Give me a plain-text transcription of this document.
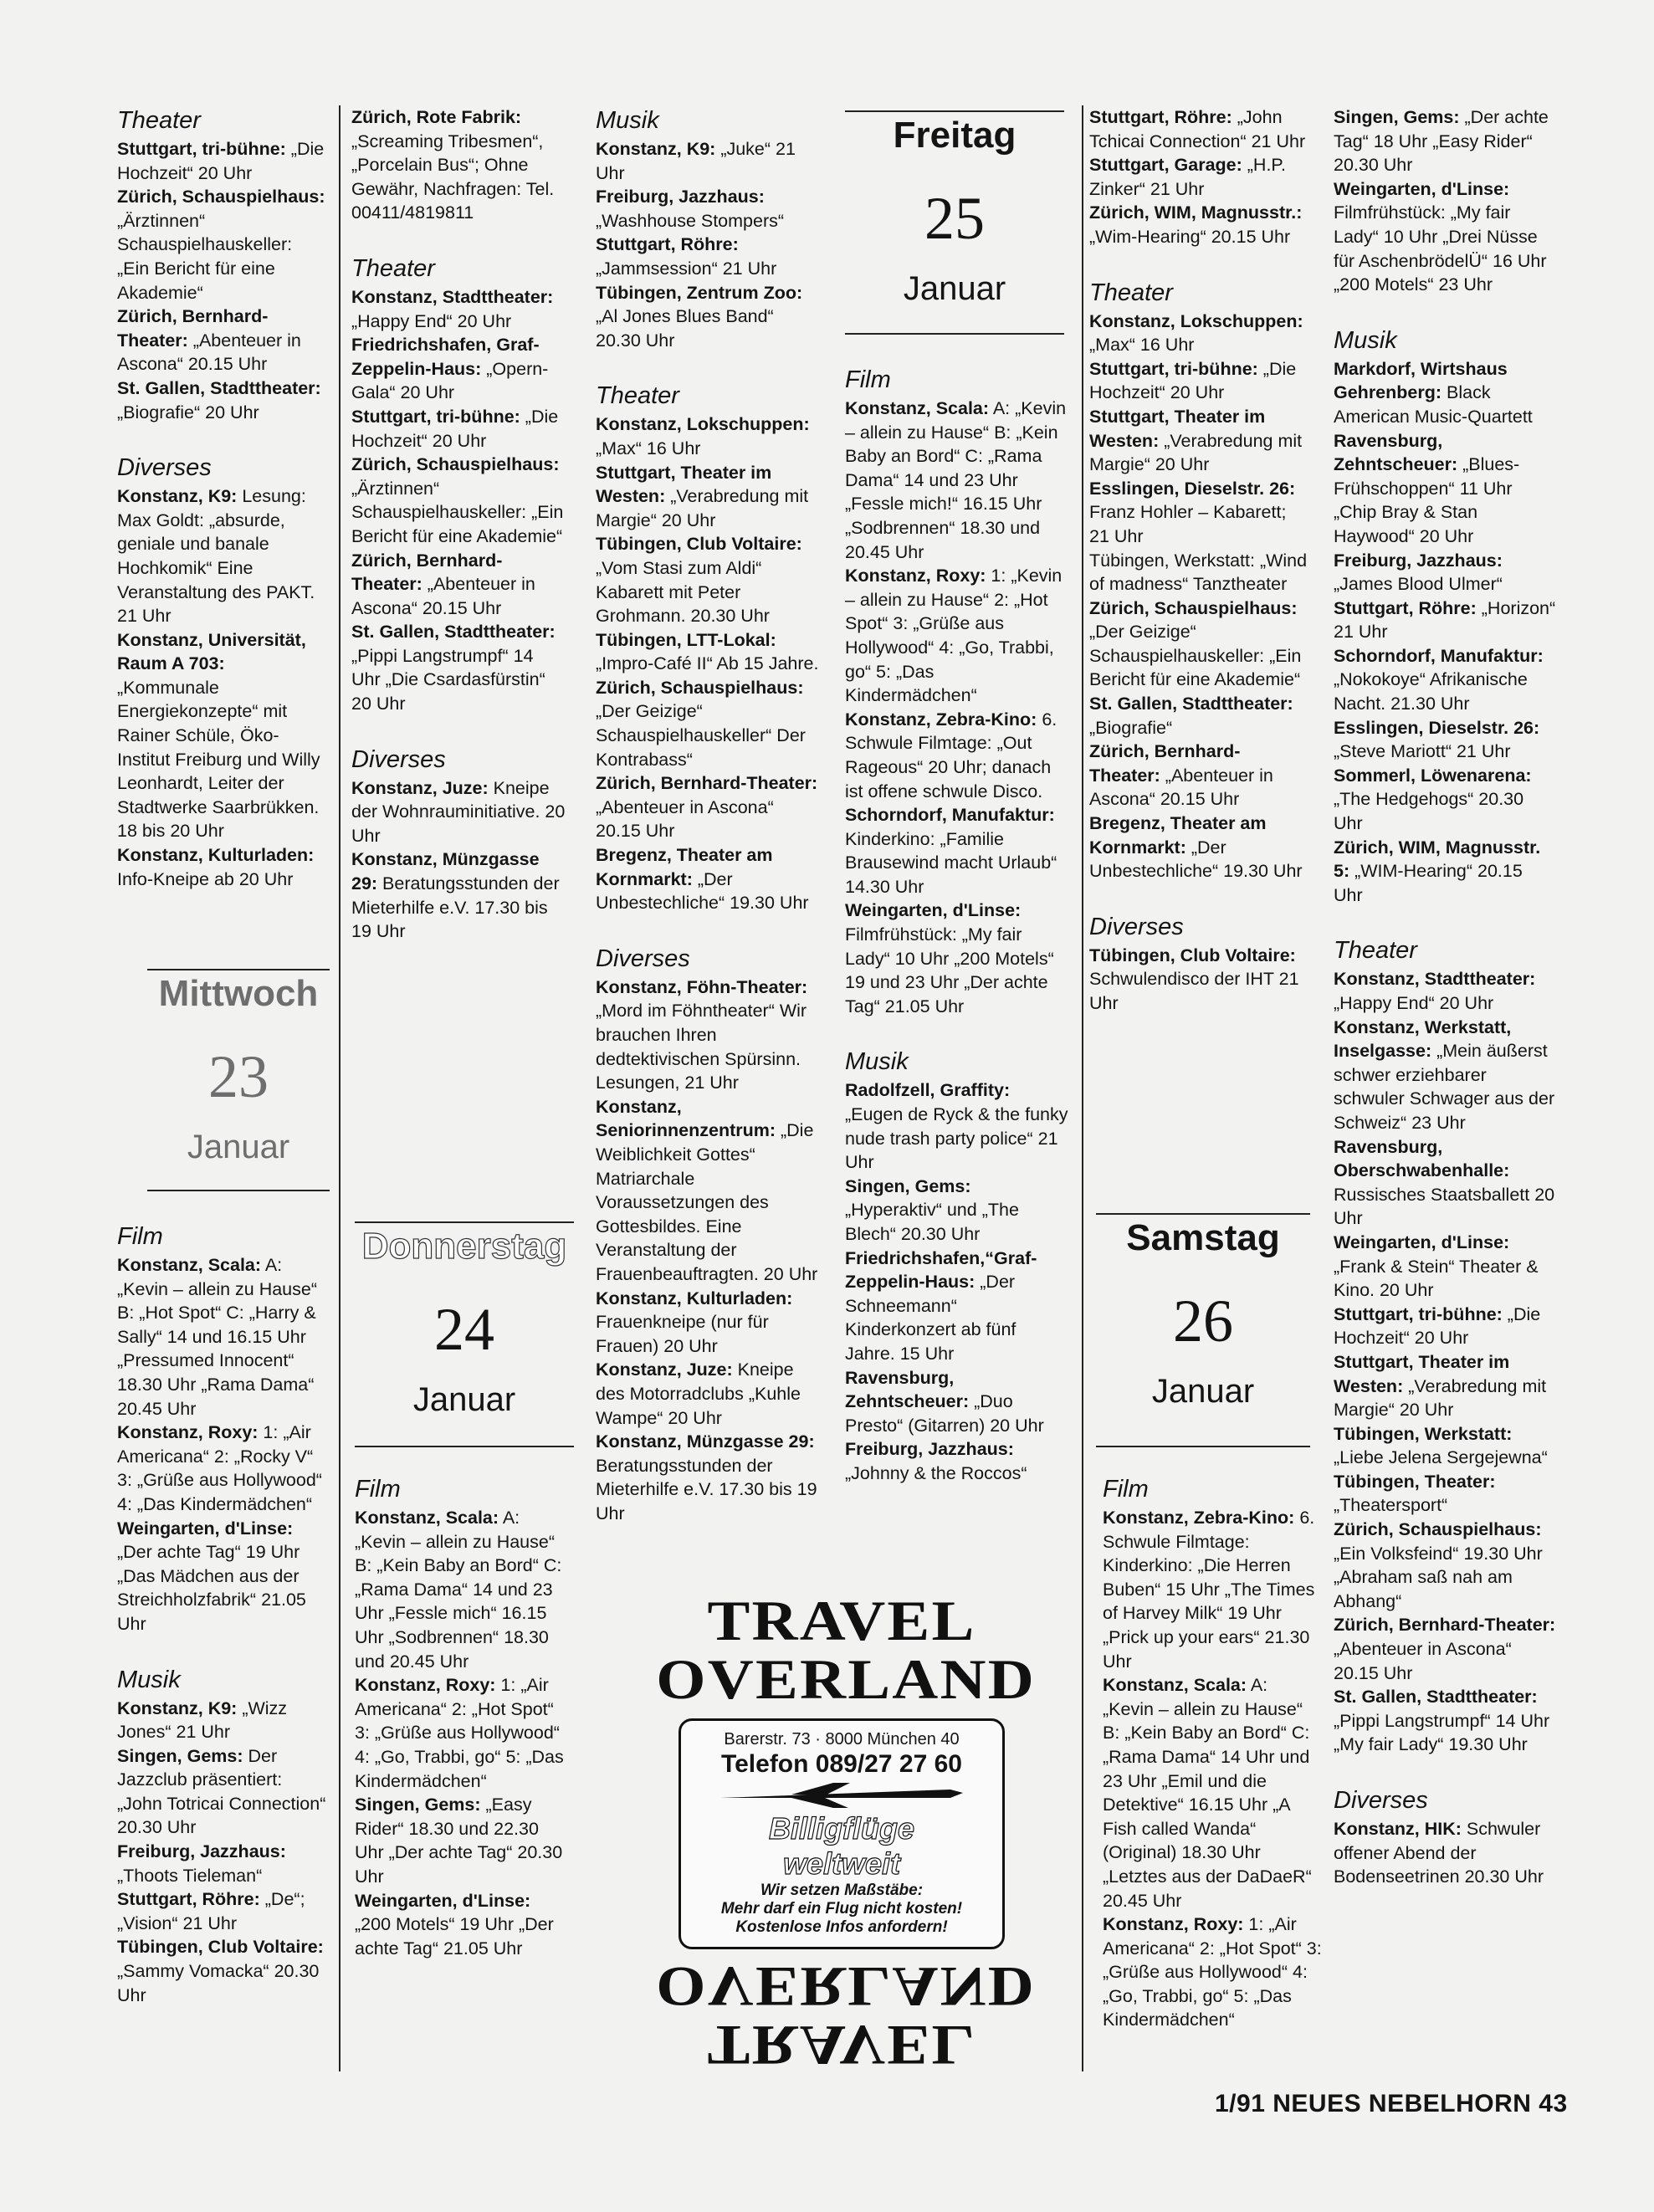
Theater

Stuttgart, tri-bühne: „Die Hochzeit“ 20 Uhr

Zürich, Schauspielhaus: „Ärztinnen“ Schauspielhauskeller: „Ein Bericht für eine Akademie“

Zürich, Bernhard-Theater: „Abenteuer in Ascona“ 20.15 Uhr

St. Gallen, Stadttheater: „Biografie“ 20 Uhr

Diverses

Konstanz, K9: Lesung: Max Goldt: „absurde, geniale und banale Hochkomik“ Eine Veranstaltung des PAKT. 21 Uhr

Konstanz, Universität, Raum A 703: „Kommunale Energiekonzepte“ mit Rainer Schüle, Öko-Institut Freiburg und Willy Leonhardt, Leiter der Stadtwerke Saarbrükken. 18 bis 20 Uhr

Konstanz, Kulturladen: Info-Kneipe ab 20 Uhr

Mittwoch
23
Januar
Film

Konstanz, Scala: A: „Kevin – allein zu Hause“ B: „Hot Spot“ C: „Harry & Sally“ 14 und 16.15 Uhr „Pressumed Innocent“ 18.30 Uhr „Rama Dama“ 20.45 Uhr

Konstanz, Roxy: 1: „Air Americana“ 2: „Rocky V“ 3: „Grüße aus Hollywood“ 4: „Das Kindermädchen“

Weingarten, d'Linse: „Der achte Tag“ 19 Uhr „Das Mädchen aus der Streichholzfabrik“ 21.05 Uhr

Musik

Konstanz, K9: „Wizz Jones“ 21 Uhr

Singen, Gems: Der Jazzclub präsentiert: „John Totricai Connection“ 20.30 Uhr

Freiburg, Jazzhaus: „Thoots Tieleman“

Stuttgart, Röhre: „De“; „Vision“ 21 Uhr

Tübingen, Club Voltaire: „Sammy Vomacka“ 20.30 Uhr

Zürich, Rote Fabrik: „Screaming Tribesmen“, „Porcelain Bus“; Ohne Gewähr, Nachfragen: Tel. 00411/4819811

Theater

Konstanz, Stadttheater: „Happy End“ 20 Uhr

Friedrichshafen, Graf-Zeppelin-Haus: „Opern-Gala“ 20 Uhr

Stuttgart, tri-bühne: „Die Hochzeit“ 20 Uhr

Zürich, Schauspielhaus: „Ärztinnen“ Schauspielhauskeller: „Ein Bericht für eine Akademie“

Zürich, Bernhard-Theater: „Abenteuer in Ascona“ 20.15 Uhr

St. Gallen, Stadttheater: „Pippi Langstrumpf“ 14 Uhr „Die Csardasfürstin“ 20 Uhr

Diverses

Konstanz, Juze: Kneipe der Wohnrauminitiative. 20 Uhr

Konstanz, Münzgasse 29: Beratungsstunden der Mieterhilfe e.V. 17.30 bis 19 Uhr

Donnerstag
24
Januar
Film

Konstanz, Scala: A: „Kevin – allein zu Hause“ B: „Kein Baby an Bord“ C: „Rama Dama“ 14 und 23 Uhr „Fessle mich“ 16.15 Uhr „Sodbrennen“ 18.30 und 20.45 Uhr

Konstanz, Roxy: 1: „Air Americana“ 2: „Hot Spot“ 3: „Grüße aus Hollywood“ 4: „Go, Trabbi, go“ 5: „Das Kindermädchen“

Singen, Gems: „Easy Rider“ 18.30 und 22.30 Uhr „Der achte Tag“ 20.30 Uhr

Weingarten, d'Linse: „200 Motels“ 19 Uhr „Der achte Tag“ 21.05 Uhr

Musik

Konstanz, K9: „Juke“ 21 Uhr

Freiburg, Jazzhaus: „Washhouse Stompers“

Stuttgart, Röhre: „Jammsession“ 21 Uhr

Tübingen, Zentrum Zoo: „Al Jones Blues Band“ 20.30 Uhr

Theater

Konstanz, Lokschuppen: „Max“ 16 Uhr

Stuttgart, Theater im Westen: „Verabredung mit Margie“ 20 Uhr

Tübingen, Club Voltaire: „Vom Stasi zum Aldi“ Kabarett mit Peter Grohmann. 20.30 Uhr

Tübingen, LTT-Lokal: „Impro-Café II“ Ab 15 Jahre.

Zürich, Schauspielhaus: „Der Geizige“ Schauspielhauskeller“ Der Kontrabass“

Zürich, Bernhard-Theater: „Abenteuer in Ascona“ 20.15 Uhr

Bregenz, Theater am Kornmarkt: „Der Unbestechliche“ 19.30 Uhr

Diverses

Konstanz, Föhn-Theater: „Mord im Föhntheater“ Wir brauchen Ihren dedtektivischen Spürsinn. Lesungen, 21 Uhr

Konstanz, Seniorinnenzentrum: „Die Weiblichkeit Gottes“ Matriarchale Voraussetzungen des Gottesbildes. Eine Veranstaltung der Frauenbeauftragten. 20 Uhr

Konstanz, Kulturladen: Frauenkneipe (nur für Frauen) 20 Uhr

Konstanz, Juze: Kneipe des Motorradclubs „Kuhle Wampe“ 20 Uhr

Konstanz, Münzgasse 29: Beratungsstunden der Mieterhilfe e.V. 17.30 bis 19 Uhr

Freitag
25
Januar
Film

Konstanz, Scala: A: „Kevin – allein zu Hause“ B: „Kein Baby an Bord“ C: „Rama Dama“ 14 und 23 Uhr „Fessle mich!“ 16.15 Uhr „Sodbrennen“ 18.30 und 20.45 Uhr

Konstanz, Roxy: 1: „Kevin – allein zu Hause“ 2: „Hot Spot“ 3: „Grüße aus Hollywood“ 4: „Go, Trabbi, go“ 5: „Das Kindermädchen“

Konstanz, Zebra-Kino: 6. Schwule Filmtage: „Out Rageous“ 20 Uhr; danach ist offene schwule Disco.

Schorndorf, Manufaktur: Kinderkino: „Familie Brausewind macht Urlaub“ 14.30 Uhr

Weingarten, d'Linse: Filmfrühstück: „My fair Lady“ 10 Uhr „200 Motels“ 19 und 23 Uhr „Der achte Tag“ 21.05 Uhr

Musik

Radolfzell, Graffity: „Eugen de Ryck & the funky nude trash party police“ 21 Uhr

Singen, Gems: „Hyperaktiv“ und „The Blech“ 20.30 Uhr

Friedrichshafen,“Graf-Zeppelin-Haus: „Der Schneemann“ Kinderkonzert ab fünf Jahre. 15 Uhr

Ravensburg, Zehntscheuer: „Duo Presto“ (Gitarren) 20 Uhr

Freiburg, Jazzhaus: „Johnny & the Roccos“

Stuttgart, Röhre: „John Tchicai Connection“ 21 Uhr

Stuttgart, Garage: „H.P. Zinker“ 21 Uhr

Zürich, WIM, Magnusstr.: „Wim-Hearing“ 20.15 Uhr

Theater

Konstanz, Lokschuppen: „Max“ 16 Uhr

Stuttgart, tri-bühne: „Die Hochzeit“ 20 Uhr

Stuttgart, Theater im Westen: „Verabredung mit Margie“ 20 Uhr

Esslingen, Dieselstr. 26: Franz Hohler – Kabarett; 21 Uhr

Tübingen, Werkstatt: „Wind of madness“ Tanztheater

Zürich, Schauspielhaus: „Der Geizige“ Schauspielhauskeller: „Ein Bericht für eine Akademie“

St. Gallen, Stadttheater: „Biografie“

Zürich, Bernhard-Theater: „Abenteuer in Ascona“ 20.15 Uhr

Bregenz, Theater am Kornmarkt: „Der Unbestechliche“ 19.30 Uhr

Diverses

Tübingen, Club Voltaire: Schwulendisco der IHT 21 Uhr

Samstag
26
Januar
Film

Konstanz, Zebra-Kino: 6. Schwule Filmtage: Kinderkino: „Die Herren Buben“ 15 Uhr „The Times of Harvey Milk“ 19 Uhr „Prick up your ears“ 21.30 Uhr

Konstanz, Scala: A: „Kevin – allein zu Hause“ B: „Kein Baby an Bord“ C: „Rama Dama“ 14 Uhr und 23 Uhr „Emil und die Detektive“ 16.15 Uhr „A Fish called Wanda“ (Original) 18.30 Uhr „Letztes aus der DaDaeR“ 20.45 Uhr

Konstanz, Roxy: 1: „Air Americana“ 2: „Hot Spot“ 3: „Grüße aus Hollywood“ 4: „Go, Trabbi, go“ 5: „Das Kindermädchen“

Singen, Gems: „Der achte Tag“ 18 Uhr „Easy Rider“ 20.30 Uhr

Weingarten, d'Linse: Filmfrühstück: „My fair Lady“ 10 Uhr „Drei Nüsse für AschenbrödelÜ“ 16 Uhr „200 Motels“ 23 Uhr

Musik

Markdorf, Wirtshaus Gehrenberg: Black American Music-Quartett

Ravensburg, Zehntscheuer: „Blues-Frühschoppen“ 11 Uhr „Chip Bray & Stan Haywood“ 20 Uhr

Freiburg, Jazzhaus: „James Blood Ulmer“

Stuttgart, Röhre: „Horizon“ 21 Uhr

Schorndorf, Manufaktur: „Nokokoye“ Afrikanische Nacht. 21.30 Uhr

Esslingen, Dieselstr. 26: „Steve Mariott“ 21 Uhr

Sommerl, Löwenarena: „The Hedgehogs“ 20.30 Uhr

Zürich, WIM, Magnusstr. 5: „WIM-Hearing“ 20.15 Uhr

Theater

Konstanz, Stadttheater: „Happy End“ 20 Uhr

Konstanz, Werkstatt, Inselgasse: „Mein äußerst schwer erziehbarer schwuler Schwager aus der Schweiz“ 23 Uhr

Ravensburg, Oberschwabenhalle: Russisches Staatsballett 20 Uhr

Weingarten, d'Linse: „Frank & Stein“ Theater & Kino. 20 Uhr

Stuttgart, tri-bühne: „Die Hochzeit“ 20 Uhr

Stuttgart, Theater im Westen: „Verabredung mit Margie“ 20 Uhr

Tübingen, Werkstatt: „Liebe Jelena Sergejewna“

Tübingen, Theater: „Theatersport“

Zürich, Schauspielhaus: „Ein Volksfeind“ 19.30 Uhr „Abraham saß nah am Abhang“

Zürich, Bernhard-Theater: „Abenteuer in Ascona“ 20.15 Uhr

St. Gallen, Stadttheater: „Pippi Langstrumpf“ 14 Uhr „My fair Lady“ 19.30 Uhr

Diverses

Konstanz, HIK: Schwuler offener Abend der Bodenseetrinen 20.30 Uhr

TRAVEL
OVERLAND
Barerstr. 73 · 8000 München 40
Telefon 089/27 27 60
Billigflüge
weltweit
Wir setzen Maßstäbe:
Mehr darf ein Flug nicht kosten!
Kostenlose Infos anfordern!
OVERLAND
TRAVEL
1/91 NEUES NEBELHORN 43
